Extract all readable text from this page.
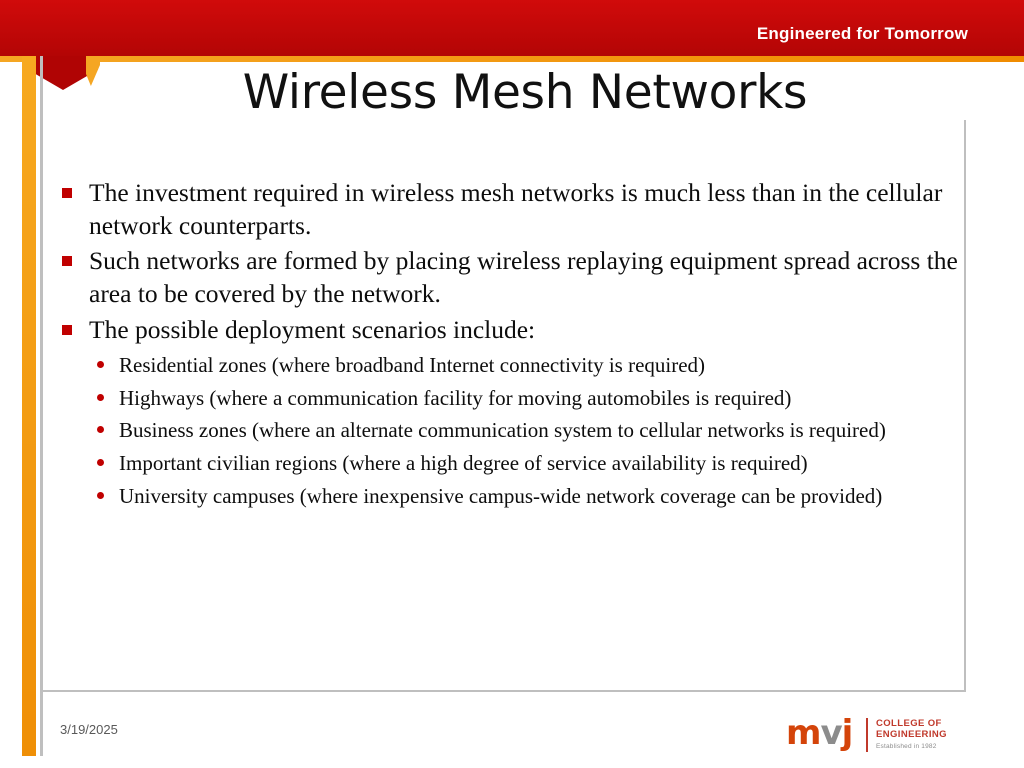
Engineered for Tomorrow
Wireless Mesh Networks
The investment required in wireless mesh networks is much less than in the cellular network counterparts.
Such networks are formed by placing wireless replaying equipment spread across the area to be covered by the network.
The possible deployment scenarios include:
Residential zones (where broadband Internet connectivity is required)
Highways (where a communication facility for moving automobiles is required)
Business zones (where an alternate communication system to cellular networks is required)
Important civilian regions (where a high degree of service availability is required)
University campuses (where inexpensive campus-wide network coverage can be provided)
3/19/2025	mvj COLLEGE OF
ENGINEERING
Established in 1982
